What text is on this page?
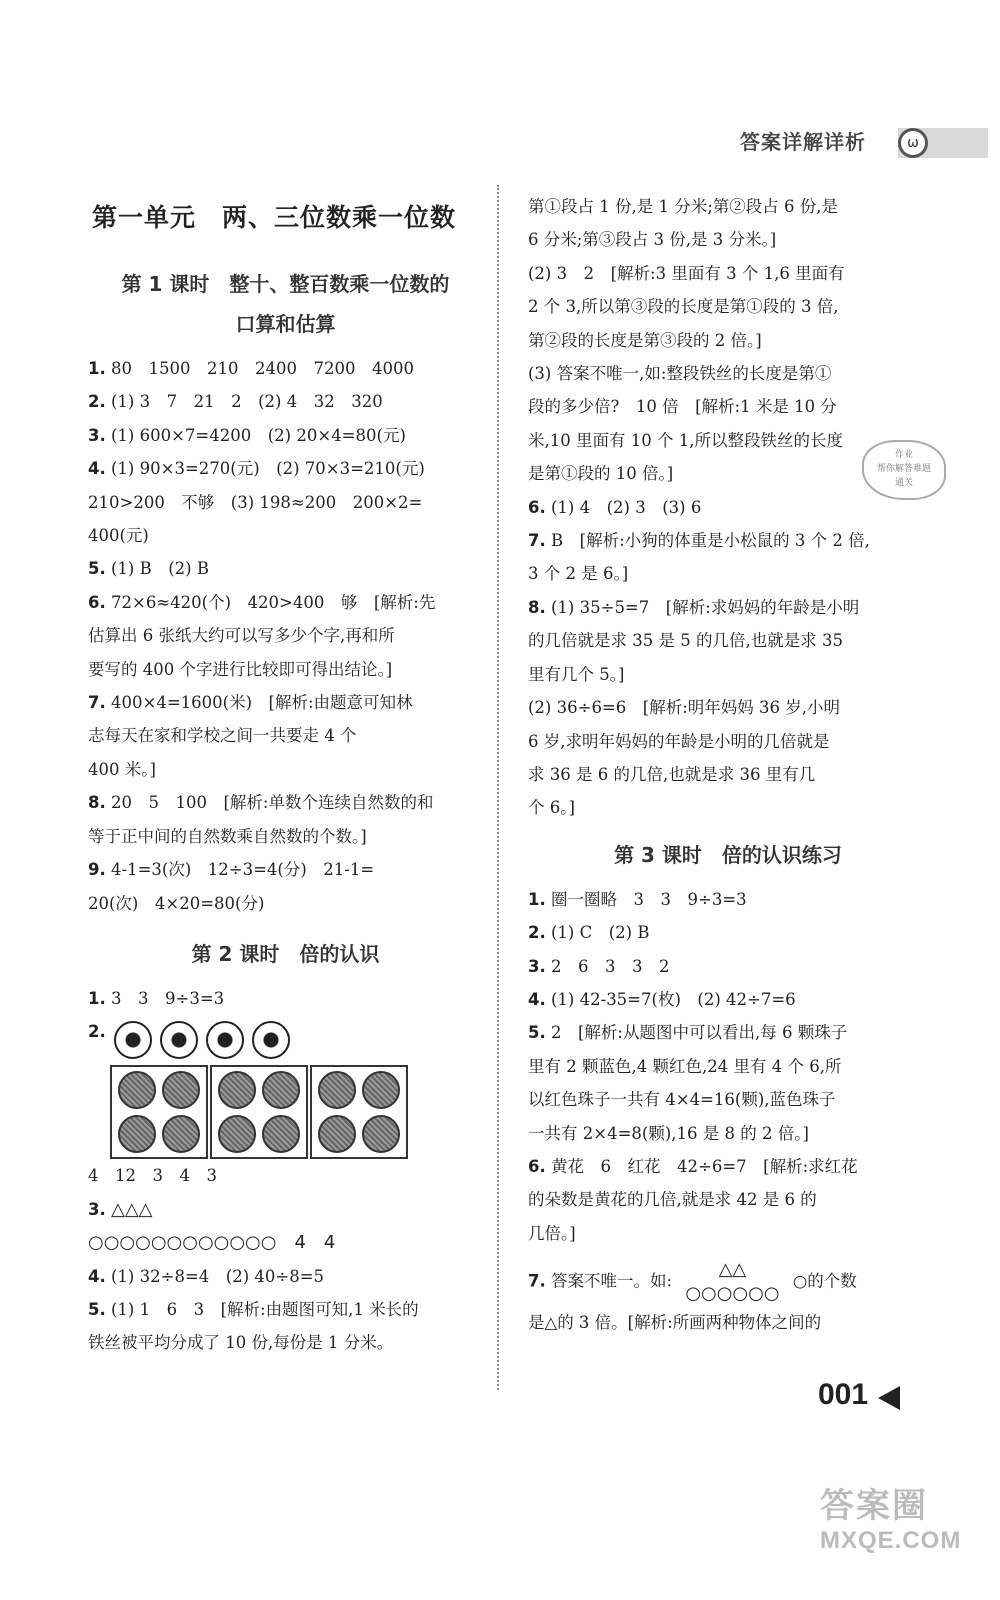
答案详解详析	ω
第一单元　两、三位数乘一位数
第 1 课时　整十、整百数乘一位数的
口算和估算
1. 80　1500　210　2400　7200　4000
2. (1) 3　7　21　2　(2) 4　32　320
3. (1) 600×7=4200　(2) 20×4=80(元)
4. (1) 90×3=270(元)　(2) 70×3=210(元)
210>200　不够　(3) 198≈200　200×2=
400(元)
5. (1) B　(2) B
6. 72×6≈420(个)　420>400　够　[解析:先
估算出 6 张纸大约可以写多少个字,再和所
要写的 400 个字进行比较即可得出结论。]
7. 400×4=1600(米)　[解析:由题意可知林
志每天在家和学校之间一共要走 4 个
400 米。]
8. 20　5　100　[解析:单数个连续自然数的和
等于正中间的自然数乘自然数的个数。]
9. 4-1=3(次)　12÷3=4(分)　21-1=
20(次)　4×20=80(分)
第 2 课时　倍的认识
1. 3　3　9÷3=3
2.
4　12　3　4　3
3. △△△
○○○○○○○○○○○○　4　4
4. (1) 32÷8=4　(2) 40÷8=5
5. (1) 1　6　3　[解析:由题图可知,1 米长的
铁丝被平均分成了 10 份,每份是 1 分米。
第①段占 1 份,是 1 分米;第②段占 6 份,是
6 分米;第③段占 3 份,是 3 分米。]
(2) 3　2　[解析:3 里面有 3 个 1,6 里面有
2 个 3,所以第③段的长度是第①段的 3 倍,
第②段的长度是第③段的 2 倍。]
(3) 答案不唯一,如:整段铁丝的长度是第①
段的多少倍?　10 倍　[解析:1 米是 10 分
米,10 里面有 10 个 1,所以整段铁丝的长度
是第①段的 10 倍。]
6. (1) 4　(2) 3　(3) 6
7. B　[解析:小狗的体重是小松鼠的 3 个 2 倍,
3 个 2 是 6。]
8. (1) 35÷5=7　[解析:求妈妈的年龄是小明
的几倍就是求 35 是 5 的几倍,也就是求 35
里有几个 5。]
(2) 36÷6=6　[解析:明年妈妈 36 岁,小明
6 岁,求明年妈妈的年龄是小明的几倍就是
求 36 是 6 的几倍,也就是求 36 里有几
个 6。]
第 3 课时　倍的认识练习
1. 圈一圈略　3　3　9÷3=3
2. (1) C　(2) B
3. 2　6　3　3　2
4. (1) 42-35=7(枚)　(2) 42÷7=6
5. 2　[解析:从题图中可以看出,每 6 颗珠子
里有 2 颗蓝色,4 颗红色,24 里有 4 个 6,所
以红色珠子一共有 4×4=16(颗),蓝色珠子
一共有 2×4=8(颗),16 是 8 的 2 倍。]
6. 黄花　6　红花　42÷6=7　[解析:求红花
的朵数是黄花的几倍,就是求 42 是 6 的
几倍。]
7. 答案不唯一。如:
△△
○○○○○○
○的个数
是△的 3 倍。[解析:所画两种物体之间的
作业
帮你解答难题
通关
001
答案圈
MXQE.COM
